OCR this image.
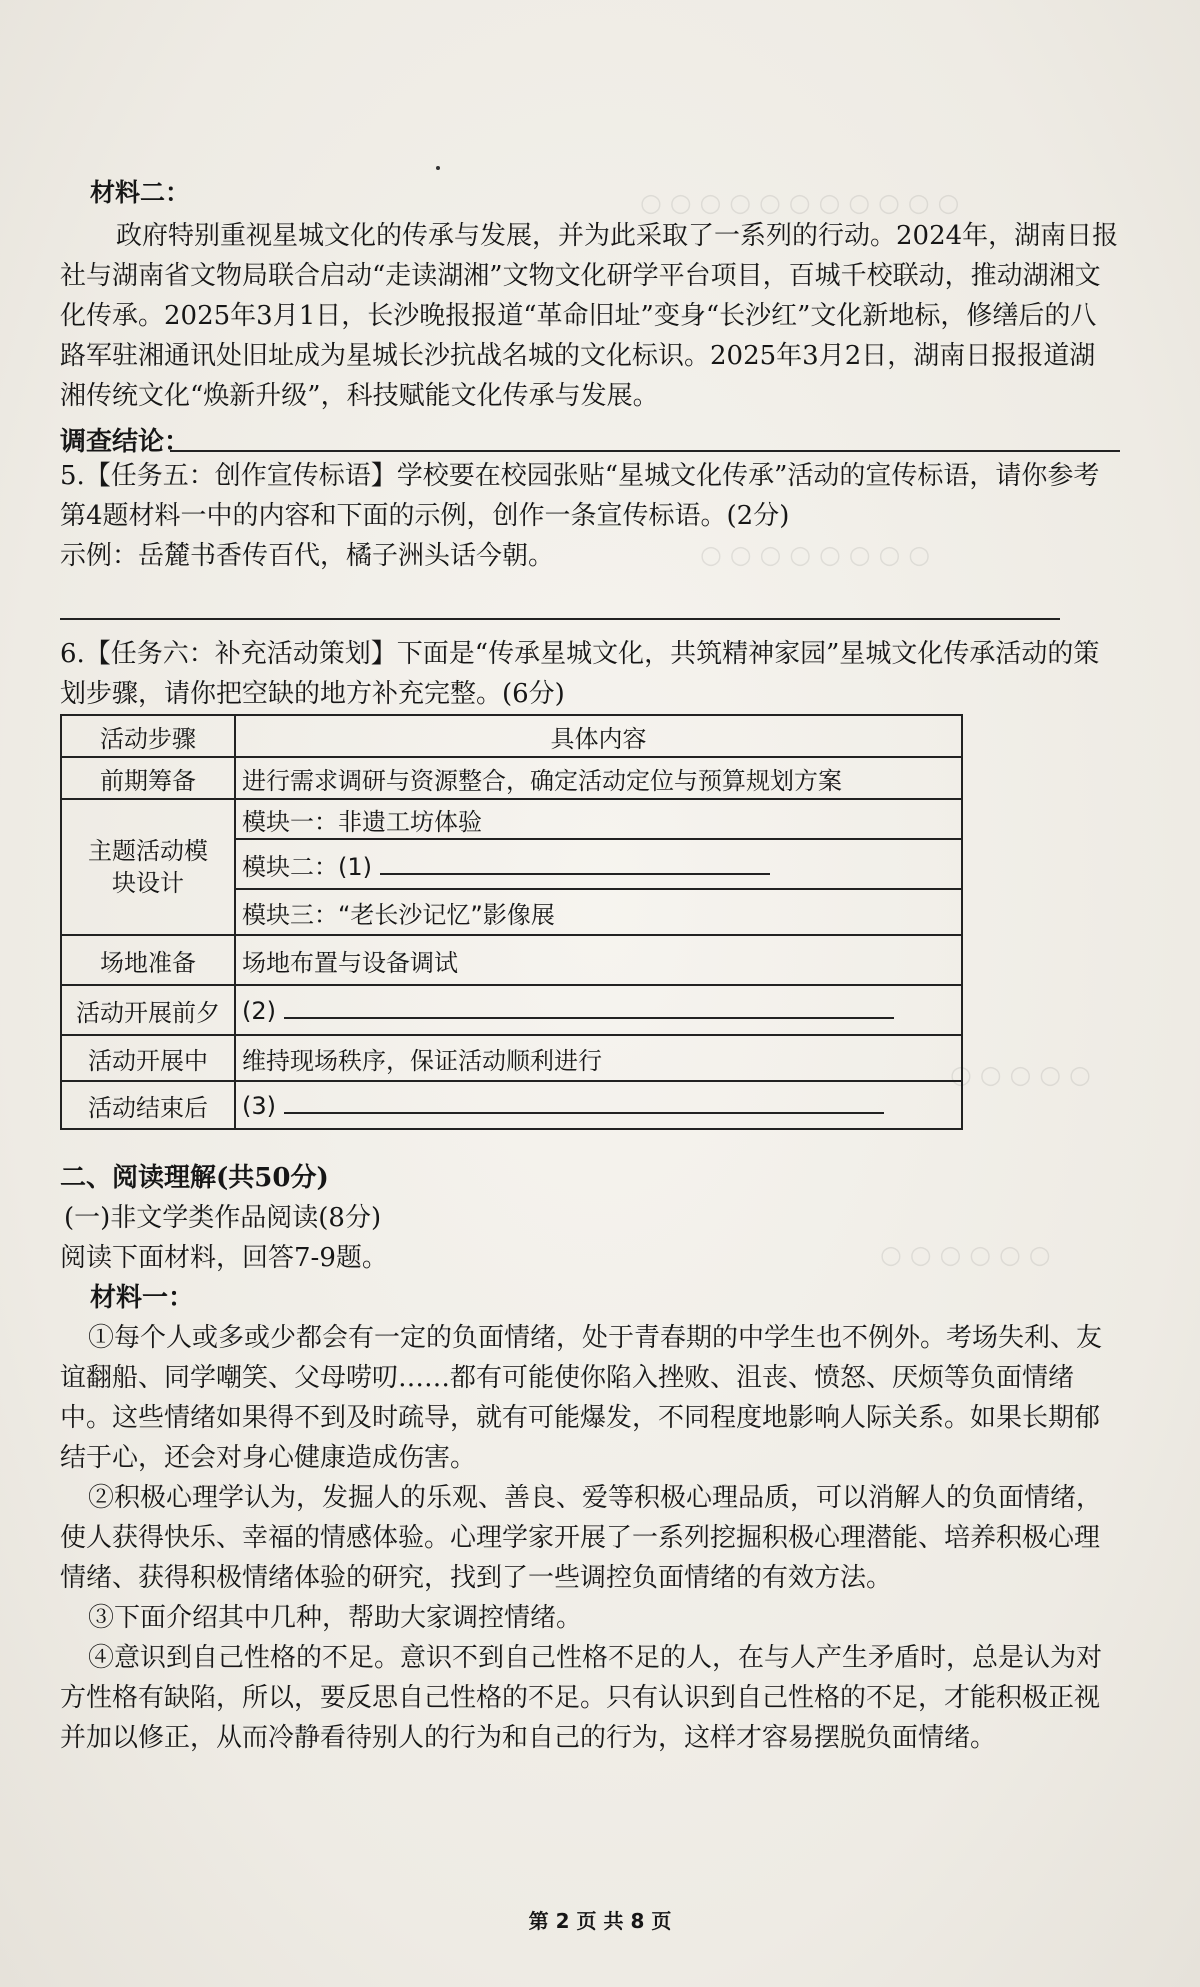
○ ○ ○ ○ ○ ○ ○ ○ ○ ○ ○
○ ○ ○ ○ ○ ○ ○ ○
○ ○ ○ ○ ○
○ ○ ○ ○ ○ ○

材料二：

政府特别重视星城文化的传承与发展，并为此采取了一系列的行动。2024年，湖南日报社与湖南省文物局联合启动“走读湖湘”文物文化研学平台项目，百城千校联动，推动湖湘文化传承。2025年3月1日，长沙晚报报道“革命旧址”变身“长沙红”文化新地标，修缮后的八路军驻湘通讯处旧址成为星城长沙抗战名城的文化标识。2025年3月2日，湖南日报报道湖湘传统文化“焕新升级”，科技赋能文化传承与发展。

调查结论：

5.【任务五：创作宣传标语】学校要在校园张贴“星城文化传承”活动的宣传标语，请你参考第4题材料一中的内容和下面的示例，创作一条宣传标语。(2分)

示例：岳麓书香传百代，橘子洲头话今朝。

6.【任务六：补充活动策划】下面是“传承星城文化，共筑精神家园”星城文化传承活动的策划步骤，请你把空缺的地方补充完整。(6分)

活动步骤	具体内容
前期筹备	进行需求调研与资源整合，确定活动定位与预算规划方案
主题活动模块设计	模块一：非遗工坊体验
	模块二：(1)
	模块三：“老长沙记忆”影像展
场地准备	场地布置与设备调试
活动开展前夕	(2)
活动开展中	维持现场秩序，保证活动顺利进行
活动结束后	(3)

二、阅读理解(共50分)

(一)非文学类作品阅读(8分)

阅读下面材料，回答7-9题。

材料一：

①每个人或多或少都会有一定的负面情绪，处于青春期的中学生也不例外。考场失利、友谊翻船、同学嘲笑、父母唠叨……都有可能使你陷入挫败、沮丧、愤怒、厌烦等负面情绪中。这些情绪如果得不到及时疏导，就有可能爆发，不同程度地影响人际关系。如果长期郁结于心，还会对身心健康造成伤害。

②积极心理学认为，发掘人的乐观、善良、爱等积极心理品质，可以消解人的负面情绪，使人获得快乐、幸福的情感体验。心理学家开展了一系列挖掘积极心理潜能、培养积极心理情绪、获得积极情绪体验的研究，找到了一些调控负面情绪的有效方法。

③下面介绍其中几种，帮助大家调控情绪。

④意识到自己性格的不足。意识不到自己性格不足的人，在与人产生矛盾时，总是认为对方性格有缺陷，所以，要反思自己性格的不足。只有认识到自己性格的不足，才能积极正视并加以修正，从而冷静看待别人的行为和自己的行为，这样才容易摆脱负面情绪。

第 2 页 共 8 页
